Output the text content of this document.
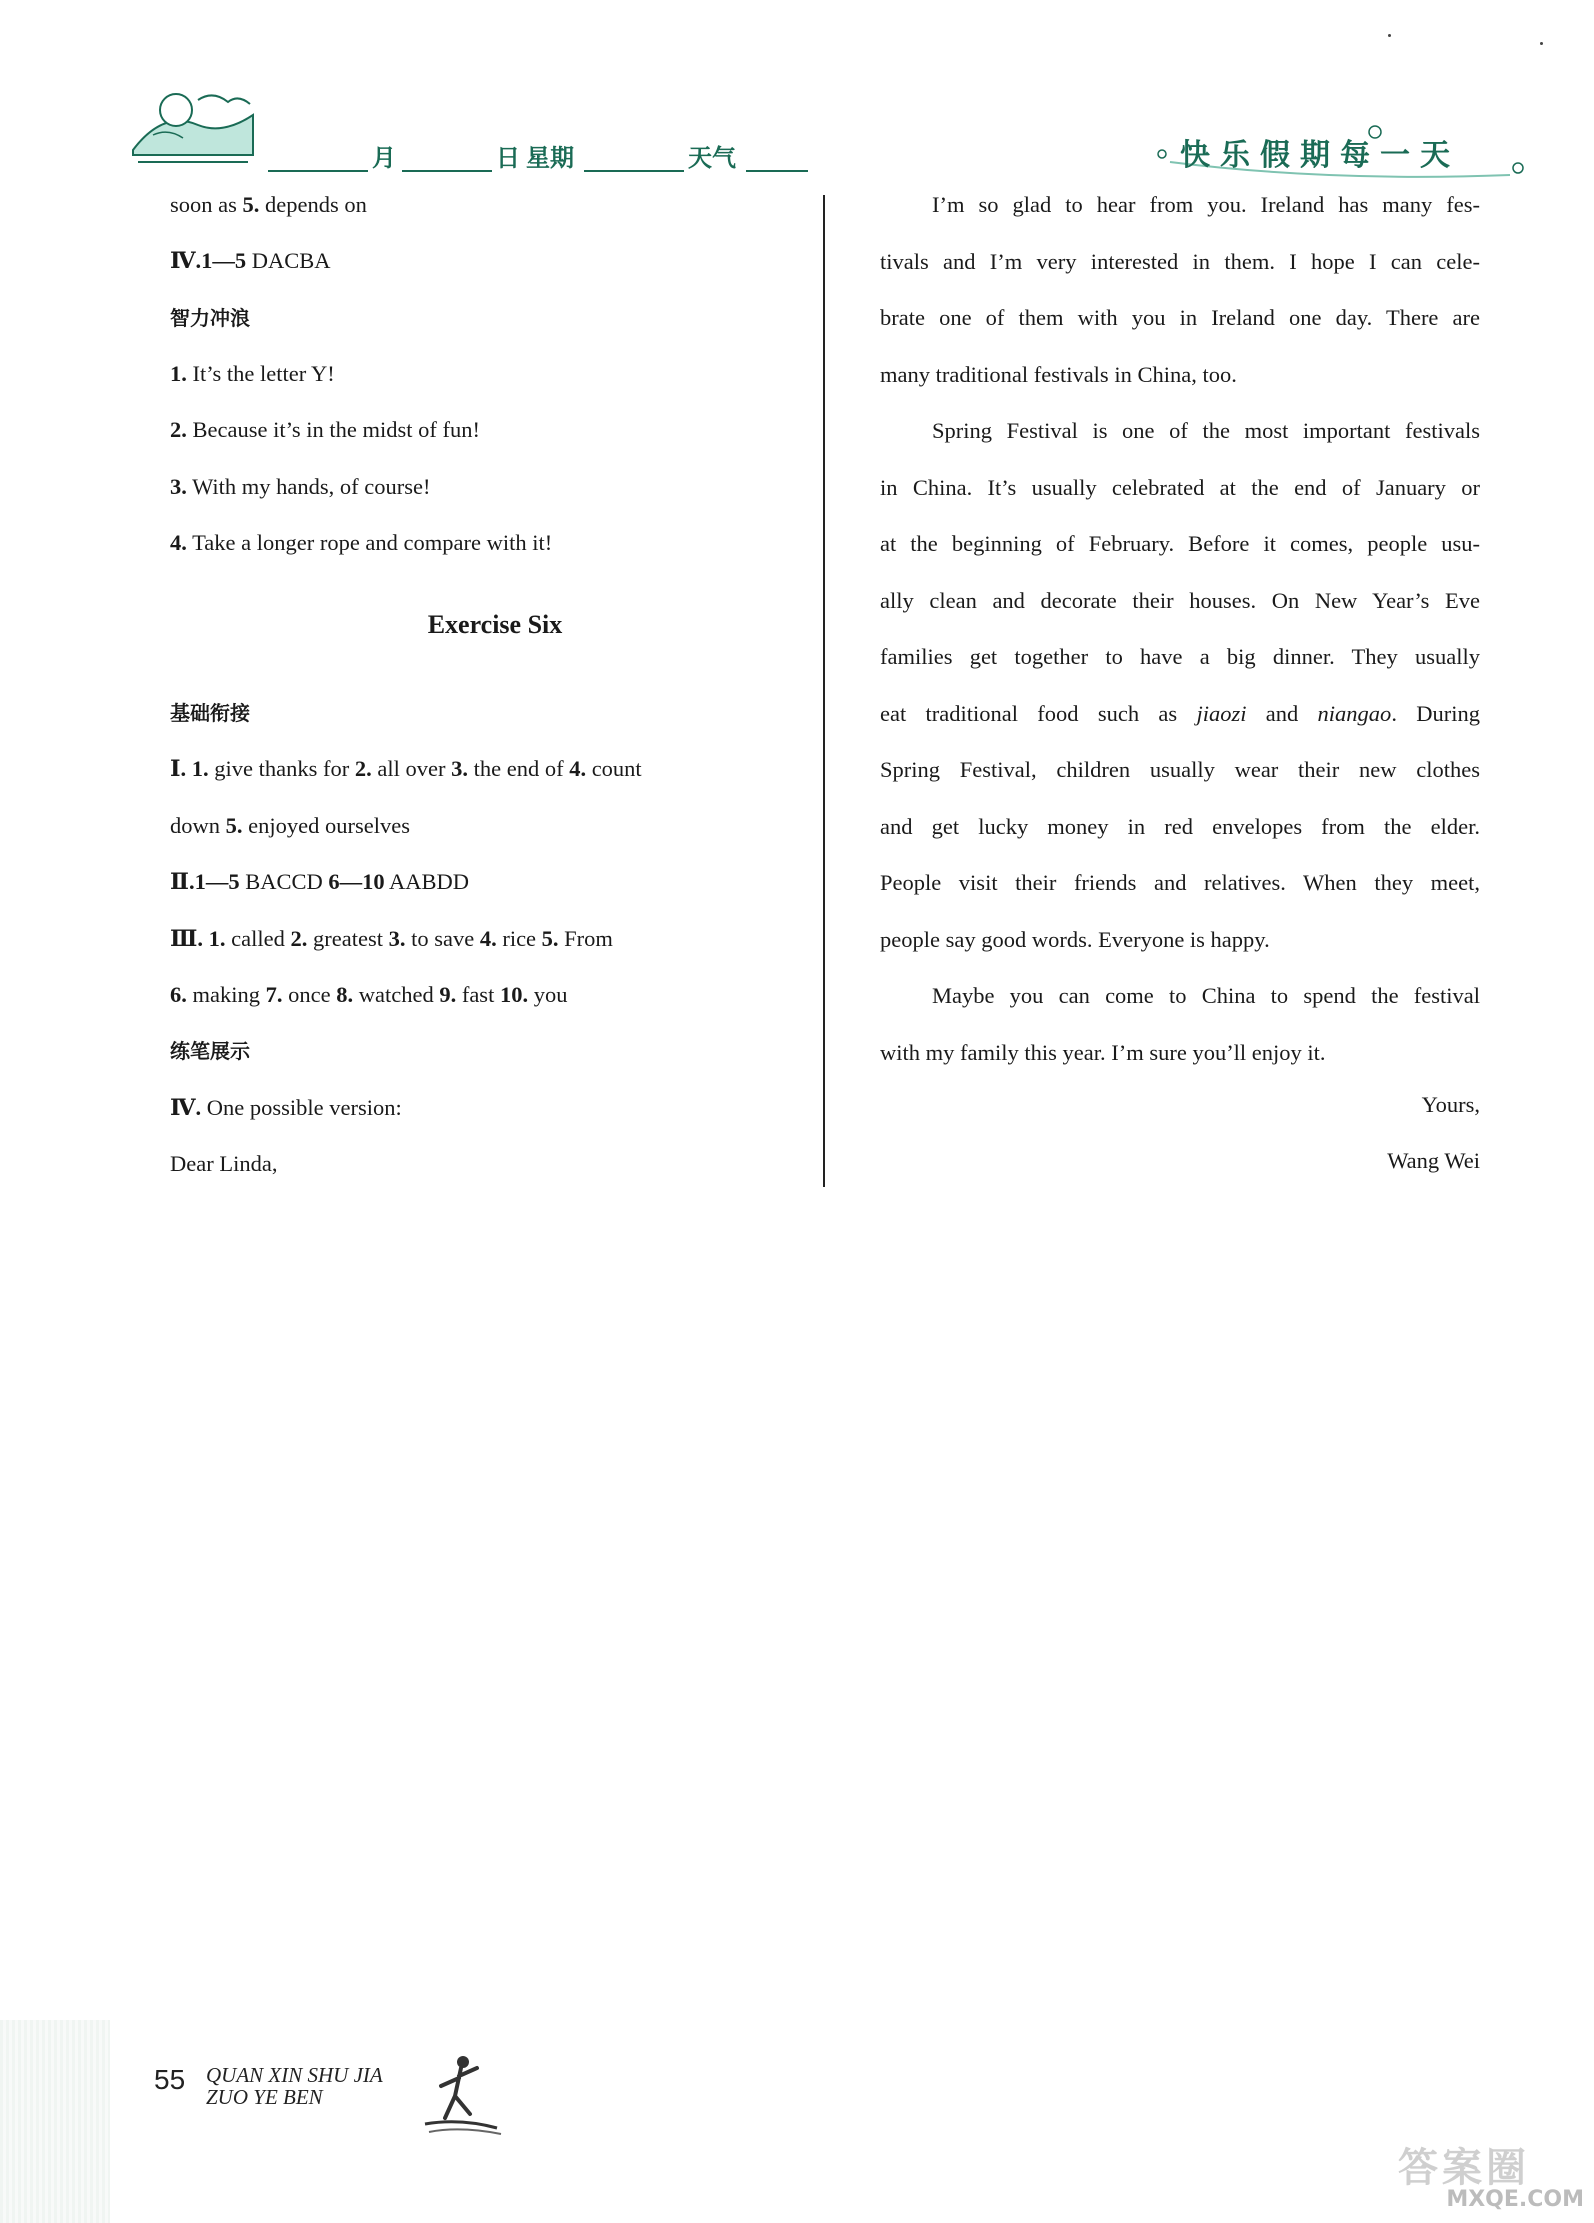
月	日 星期	天气	快乐假期每一天
soon as 5. depends on
Ⅳ.1—5 DACBA
智力冲浪
1. It’s the letter Y!
2. Because it’s in the midst of fun!
3. With my hands, of course!
4. Take a longer rope and compare with it!
Exercise Six
基础衔接
Ⅰ. 1. give thanks for 2. all over 3. the end of 4. count
down 5. enjoyed ourselves
Ⅱ.1—5 BACCD 6—10 AABDD
Ⅲ. 1. called 2. greatest 3. to save 4. rice 5. From
6. making 7. once 8. watched 9. fast 10. you
练笔展示
Ⅳ. One possible version:
Dear Linda,
I’m so glad to hear from you. Ireland has many fes-
tivals and I’m very interested in them. I hope I can cele-
brate one of them with you in Ireland one day. There are
many traditional festivals in China, too.
Spring Festival is one of the most important festivals
in China. It’s usually celebrated at the end of January or
at the beginning of February. Before it comes, people usu-
ally clean and decorate their houses. On New Year’s Eve
families get together to have a big dinner. They usually
eat traditional food such as jiaozi and niangao. During
Spring Festival, children usually wear their new clothes
and get lucky money in red envelopes from the elder.
People visit their friends and relatives. When they meet,
people say good words. Everyone is happy.
Maybe you can come to China to spend the festival
with my family this year. I’m sure you’ll enjoy it.
Yours,
Wang Wei
55 QUAN XIN SHU JIA
ZUO YE BEN
答案圈
MXQE.COM
